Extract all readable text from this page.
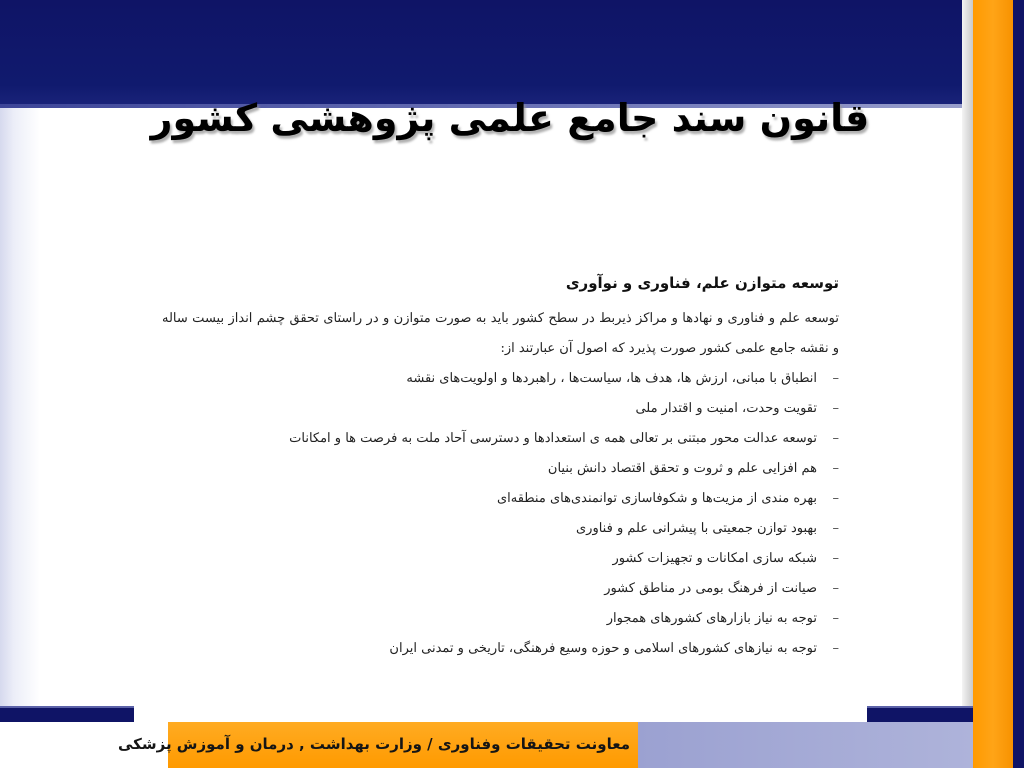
قانون سند جامع علمی پژوهشی کشور
توسعه متوازن علم، فناوری و نوآوری

توسعه علم و فناوری و نهادها و مراکز ذیربط در سطح کشور باید به صورت متوازن و در راستای تحقق چشم انداز بیست ساله و نقشه جامع علمی کشور صورت پذیرد که اصول آن عبارتند از:

–
انطباق با مبانی، ارزش ها، هدف ها، سیاست‌ها ، راهبردها و اولویت‌های نقشه
–
تقویت وحدت، امنیت و اقتدار ملی
–
توسعه عدالت محور مبتنی بر تعالی همه ی استعدادها و دسترسی آحاد ملت به فرصت ها و امکانات
–
هم افزایی علم و ثروت و تحقق اقتصاد دانش بنیان
–
بهره مندی از مزیت‌ها و شکوفاسازی توانمندی‌های منطقه‌ای
–
بهبود توازن جمعیتی با پیشرانی علم و فناوری
–
شبکه سازی امکانات و تجهیزات کشور
–
صیانت از فرهنگ بومی در مناطق کشور
–
توجه به نیاز بازارهای کشورهای همجوار
–
توجه به نیازهای کشورهای اسلامی و حوزه وسیع فرهنگی، تاریخی و تمدنی ایران
معاونت تحقیقات وفناوری / وزارت بهداشت , درمان و آموزش پزشکی
